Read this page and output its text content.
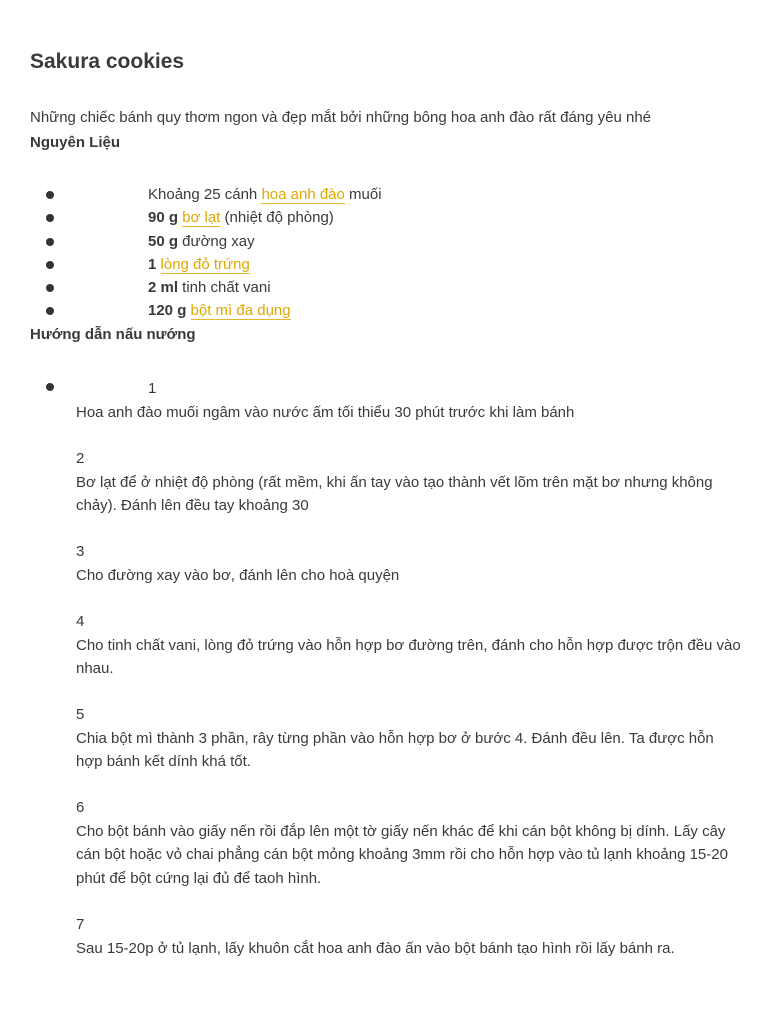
Sakura cookies

Những chiếc bánh quy thơm ngon và đẹp mắt bởi những bông hoa anh đào rất đáng yêu nhé

Nguyên Liệu

Khoảng 25 cánh hoa anh đào muối
90 g bơ lạt (nhiệt độ phòng)
50 g đường xay
1 lòng đỏ trứng
2 ml tinh chất vani
120 g bột mì đa dụng

Hướng dẫn nấu nướng

1
Hoa anh đào muối ngâm vào nước ấm tối thiểu 30 phút trước khi làm bánh
2
Bơ lạt để ở nhiệt độ phòng (rất mềm, khi ấn tay vào tạo thành vết lõm trên mặt bơ nhưng không chảy). Đánh lên đều tay khoảng 30
3
Cho đường xay vào bơ, đánh lên cho hoà quyện
4
Cho tinh chất vani, lòng đỏ trứng vào hỗn hợp bơ đường trên, đánh cho hỗn hợp được trộn đều vào nhau.
5
Chia bột mì thành 3 phần, rây từng phần vào hỗn hợp bơ ở bước 4. Đánh đều lên. Ta được hỗn hợp bánh kết dính khá tốt.
6
Cho bột bánh vào giấy nến rồi đắp lên một tờ giấy nến khác để khi cán bột không bị dính. Lấy cây cán bột hoặc vỏ chai phẳng cán bột mỏng khoảng 3mm rồi cho hỗn hợp vào tủ lạnh khoảng 15-20 phút để bột cứng lại đủ để taoh hình.
7
Sau 15-20p ở tủ lạnh, lấy khuôn cắt hoa anh đào ấn vào bột bánh tạo hình rồi lấy bánh ra.
